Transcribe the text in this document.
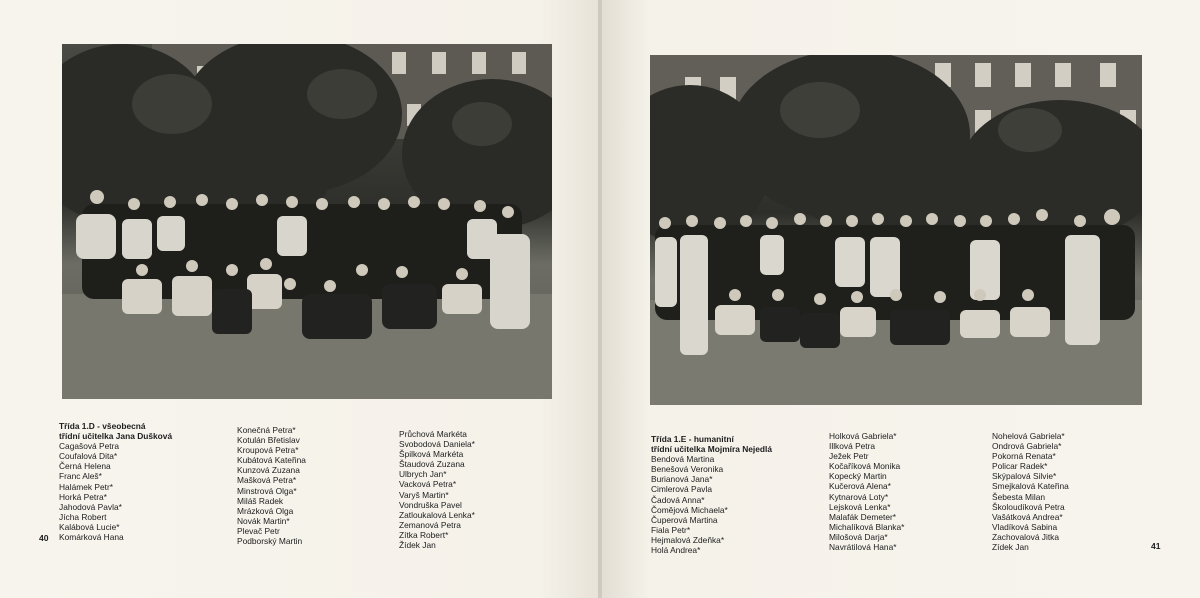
Třída 1.D - všeobecná
třídní učitelka Jana Dušková
Cagašová Petra
Coufalová Dita*
Černá Helena
Franc Aleš*
Halámek Petr*
Horká Petra*
Jahodová Pavla*
Jícha Robert
Kalábová Lucie*
Komárková Hana
Konečná Petra*
Kotulán Břetislav
Kroupová Petra*
Kubátová Kateřina
Kunzová Zuzana
Mašková Petra*
Minstrová Olga*
Miláš Radek
Mrázková Olga
Novák Martin*
Plevač Petr
Podborský Martin
Průchová Markéta
Svobodová Daniela*
Špilková Markéta
Štaudová Zuzana
Ulbrych Jan*
Vacková Petra*
Varyš Martin*
Vondruška Pavel
Zatloukalová Lenka*
Zemanová Petra
Zítka Robert*
Žídek Jan
40
Třída 1.E - humanitní
třídní učitelka Mojmíra Nejedlá
Bendová Martina
Benešová Veronika
Burianová Jana*
Cimlerová Pavla
Čadová Anna*
Čomějová Michaela*
Čuperová Martina
Fiala Petr*
Hejmalová Zdeňka*
Holá Andrea*
Holková Gabriela*
Illková Petra
Ježek Petr
Kočaříková Monika
Kopecký Martin
Kučerová Alena*
Kytnarová Loty*
Lejsková Lenka*
Malafák Demeter*
Michalíková Blanka*
Milošová Darja*
Navrátilová Hana*
Nohelová Gabriela*
Ondrová Gabriela*
Pokorná Renata*
Policar Radek*
Skýpalová Silvie*
Smejkalová Kateřina
Šebesta Milan
Školoudíková Petra
Vašátková Andrea*
Vladíková Sabina
Zachovalová Jitka
Zídek Jan	41
